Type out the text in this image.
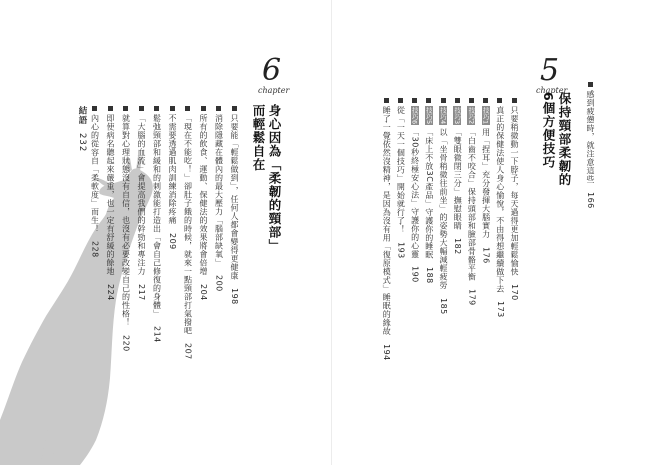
6
chapter
身心因為「柔韌的頸部」
而輕鬆自在
只要能「輕鬆做到」，任何人都會變得更健康198
消除隱藏在體內的最大壓力「腦部缺氧」200
所有的飲食、運動、保健法的效果將會倍增204
「現在不能吃！」卻肚子餓的時候，就來一點頸部打氣撥吧207
不需要透過肌肉訓練消除疼痛209
鬆弛頸部和緩和的刺激能打造出「會自己修復的身體」214
「大腦的血流」會提高我們的幹勁和專注力217
就算對心理狀態沒有自信，也沒有必要改變自己的性格！220
即使病名聽起來嚴重，也一定有舒緩的餘地224
內心的從容自「柔軟度」而生！228
結語232
5
chapter 感到疲憊時，就注意這些166
保持頸部柔韌的
6個方便技巧
只要稍微動一下脖子，每天過得更加輕鬆愉快170
真正的保健法使人身心愉悅，不由得想繼續做下去173
技巧1用「捏耳」充分發揮大腦實力176
技巧2「白齒不咬合」保持頭部和臉部骨骼平衡179
技巧3「雙眼微閉三分」撫慰眼睛182
技巧4以「坐骨稍微往前坐」的姿勢大幅減輕疲勞185
技巧5「床上不放3C產品」守護你的睡眠188
技巧6「30秒終極安心法」守護你的心靈190
從「一天一個技巧」開始就行了！193
睡了一覺依然沒精神，是因為沒有用「復原模式」睡眠的緣故194
